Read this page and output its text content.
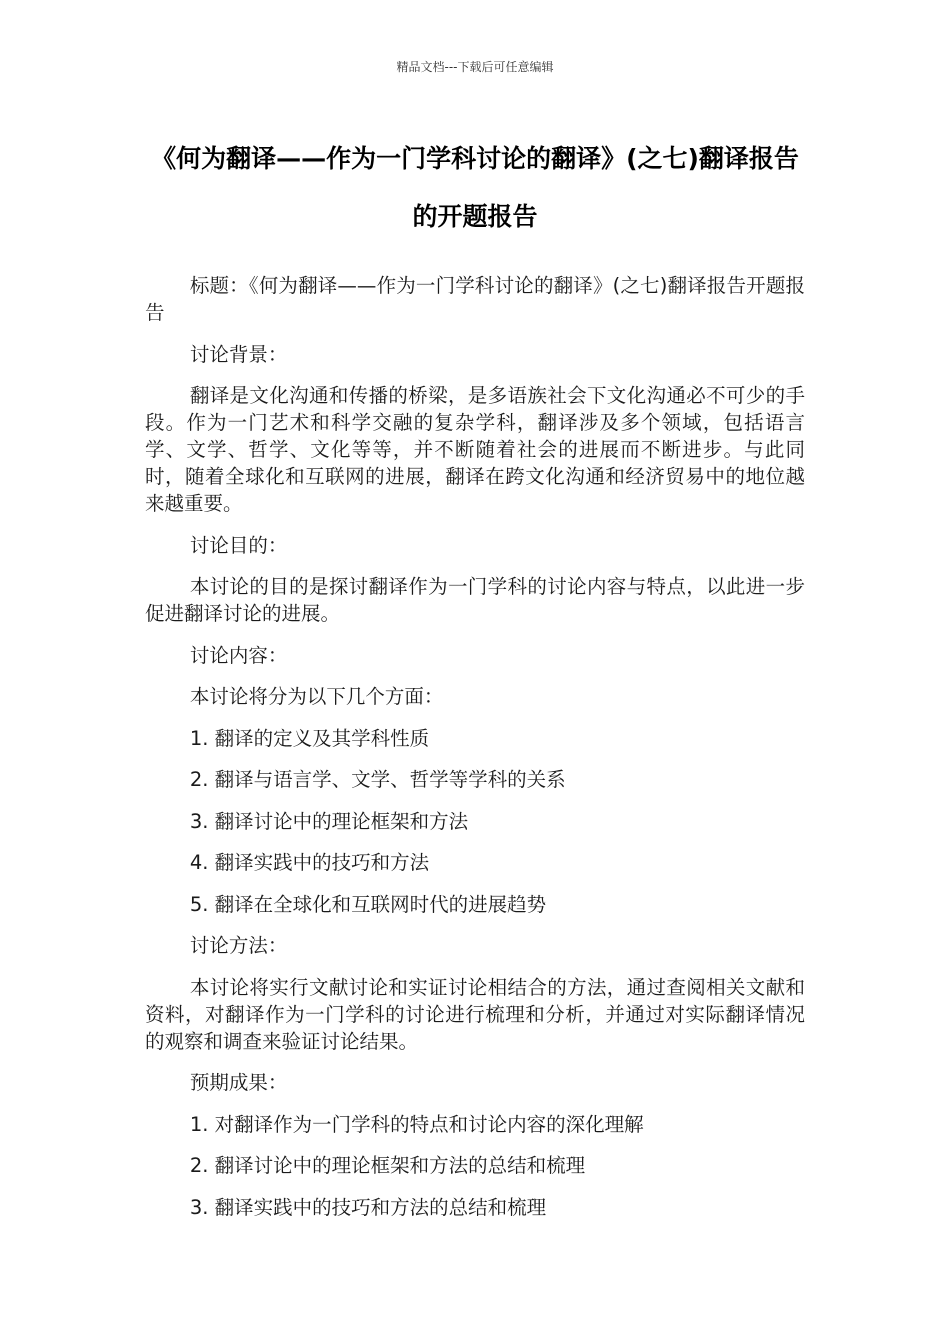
精品文档---下载后可任意编辑
《何为翻译——作为一门学科讨论的翻译》(之七)翻译报告的开题报告

标题：《何为翻译——作为一门学科讨论的翻译》(之七)翻译报告开题报告

讨论背景：

翻译是文化沟通和传播的桥梁，是多语族社会下文化沟通必不可少的手段。作为一门艺术和科学交融的复杂学科，翻译涉及多个领域，包括语言学、文学、哲学、文化等等，并不断随着社会的进展而不断进步。与此同时，随着全球化和互联网的进展，翻译在跨文化沟通和经济贸易中的地位越来越重要。

讨论目的：

本讨论的目的是探讨翻译作为一门学科的讨论内容与特点，以此进一步促进翻译讨论的进展。

讨论内容：

本讨论将分为以下几个方面：

1. 翻译的定义及其学科性质

2. 翻译与语言学、文学、哲学等学科的关系

3. 翻译讨论中的理论框架和方法

4. 翻译实践中的技巧和方法

5. 翻译在全球化和互联网时代的进展趋势

讨论方法：

本讨论将实行文献讨论和实证讨论相结合的方法，通过查阅相关文献和资料，对翻译作为一门学科的讨论进行梳理和分析，并通过对实际翻译情况的观察和调查来验证讨论结果。

预期成果：

1. 对翻译作为一门学科的特点和讨论内容的深化理解

2. 翻译讨论中的理论框架和方法的总结和梳理

3. 翻译实践中的技巧和方法的总结和梳理
